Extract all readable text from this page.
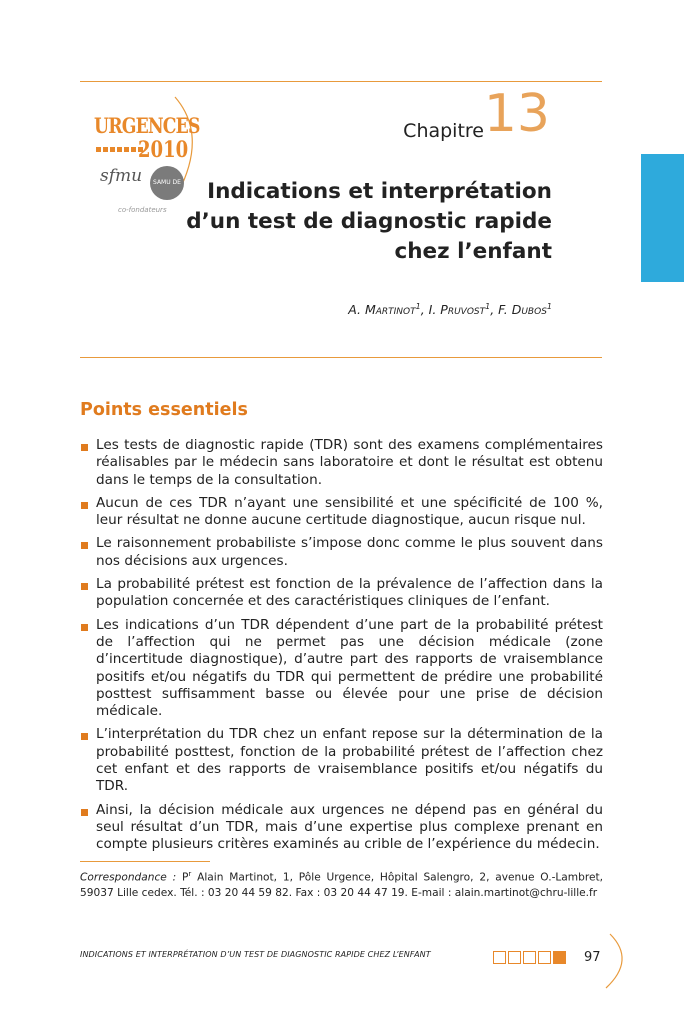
URGENCES
2010
sfmu	SAMU DE FRANCE
co-fondateurs
Chapitre 13
Indications et interprétation
d’un test de diagnostic rapide
chez l’enfant
A. Martinot$^1$, I. Pruvost$^1$, F. Dubos$^1$
Points essentiels
Les tests de diagnostic rapide (TDR) sont des examens complémentaires réalisables par le médecin sans laboratoire et dont le résultat est obtenu dans le temps de la consultation.
Aucun de ces TDR n’ayant une sensibilité et une spécificité de 100 %, leur résultat ne donne aucune certitude diagnostique, aucun risque nul.
Le raisonnement probabiliste s’impose donc comme le plus souvent dans nos décisions aux urgences.
La probabilité prétest est fonction de la prévalence de l’affection dans la population concernée et des caractéristiques cliniques de l’enfant.
Les indications d’un TDR dépendent d’une part de la probabilité prétest de l’affection qui ne permet pas une décision médicale (zone d’incertitude diagnostique), d’autre part des rapports de vraisemblance positifs et/ou négatifs du TDR qui permettent de prédire une probabilité posttest suffisamment basse ou élevée pour une prise de décision médicale.
L’interprétation du TDR chez un enfant repose sur la détermination de la probabilité posttest, fonction de la probabilité prétest de l’affection chez cet enfant et des rapports de vraisemblance positifs et/ou négatifs du TDR.
Ainsi, la décision médicale aux urgences ne dépend pas en général du seul résultat d’un TDR, mais d’une expertise plus complexe prenant en compte plusieurs critères examinés au crible de l’expérience du médecin.
Correspondance : $P^r$ Alain Martinot, 1, Pôle Urgence, Hôpital Salengro, 2, avenue O.-Lambret, 59037 Lille cedex. Tél. : 03 20 44 59 82. Fax : 03 20 44 47 19. E-mail : alain.martinot@chru-lille.fr
INDICATIONS ET INTERPRÉTATION D’UN TEST DE DIAGNOSTIC RAPIDE CHEZ L’ENFANT	97
